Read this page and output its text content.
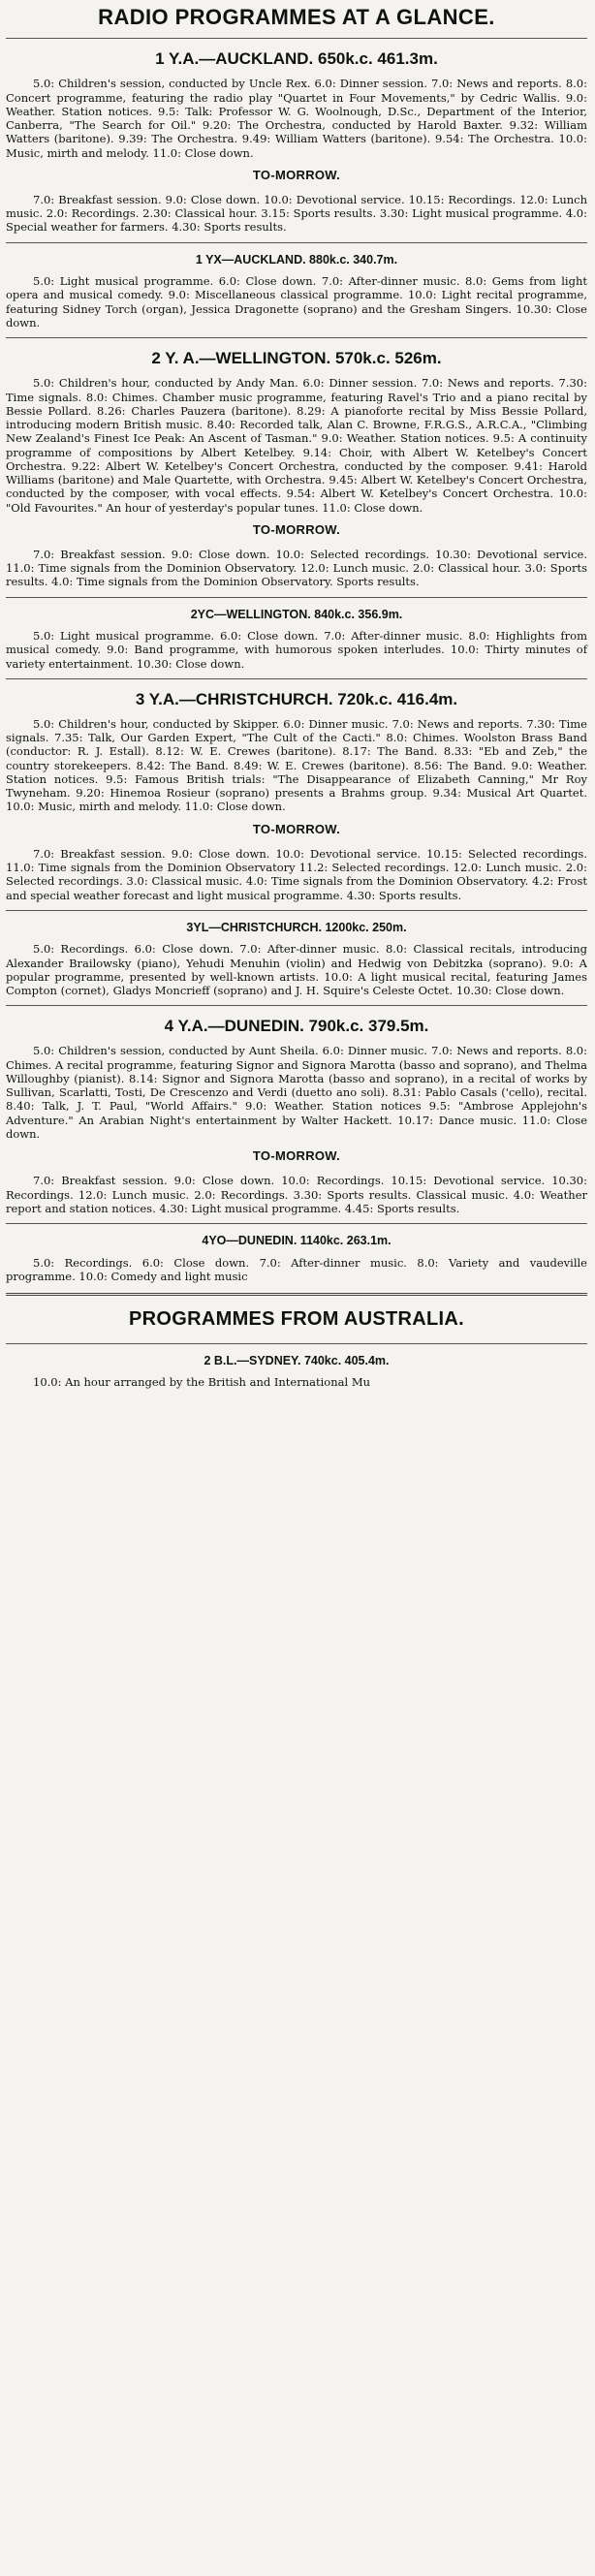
RADIO PROGRAMMES AT A GLANCE.
1 Y.A.—AUCKLAND. 650k.c. 461.3m.

5.0: Children's session, conducted by Uncle Rex. 6.0: Dinner session. 7.0: News and reports. 8.0: Concert programme, featuring the radio play "Quartet in Four Movements," by Cedric Wallis. 9.0: Weather. Station notices. 9.5: Talk: Professor W. G. Woolnough, D.Sc., Department of the Interior, Canberra, "The Search for Oil." 9.20: The Orchestra, conducted by Harold Baxter. 9.32: William Watters (baritone). 9.39: The Orchestra. 9.49: William Watters (baritone). 9.54: The Orchestra. 10.0: Music, mirth and melody. 11.0: Close down.

TO-MORROW.

7.0: Breakfast session. 9.0: Close down. 10.0: Devotional service. 10.15: Recordings. 12.0: Lunch music. 2.0: Recordings. 2.30: Classical hour. 3.15: Sports results. 3.30: Light musical programme. 4.0: Special weather for farmers. 4.30: Sports results.

1 YX—AUCKLAND. 880k.c. 340.7m.

5.0: Light musical programme. 6.0: Close down. 7.0: After-dinner music. 8.0: Gems from light opera and musical comedy. 9.0: Miscellaneous classical programme. 10.0: Light recital programme, featuring Sidney Torch (organ), Jessica Dragonette (soprano) and the Gresham Singers. 10.30: Close down.

2 Y. A.—WELLINGTON. 570k.c. 526m.

5.0: Children's hour, conducted by Andy Man. 6.0: Dinner session. 7.0: News and reports. 7.30: Time signals. 8.0: Chimes. Chamber music programme, featuring Ravel's Trio and a piano recital by Bessie Pollard. 8.26: Charles Pauzera (baritone). 8.29: A pianoforte recital by Miss Bessie Pollard, introducing modern British music. 8.40: Recorded talk, Alan C. Browne, F.R.G.S., A.R.C.A., "Climbing New Zealand's Finest Ice Peak: An Ascent of Tasman." 9.0: Weather. Station notices. 9.5: A continuity programme of compositions by Albert Ketelbey. 9.14: Choir, with Albert W. Ketelbey's Concert Orchestra. 9.22: Albert W. Ketelbey's Concert Orchestra, conducted by the composer. 9.41: Harold Williams (baritone) and Male Quartette, with Orchestra. 9.45: Albert W. Ketelbey's Concert Orchestra, conducted by the composer, with vocal effects. 9.54: Albert W. Ketelbey's Concert Orchestra. 10.0: "Old Favourites." An hour of yesterday's popular tunes. 11.0: Close down.

TO-MORROW.

7.0: Breakfast session. 9.0: Close down. 10.0: Selected recordings. 10.30: Devotional service. 11.0: Time signals from the Dominion Observatory. 12.0: Lunch music. 2.0: Classical hour. 3.0: Sports results. 4.0: Time signals from the Dominion Observatory. Sports results.

2YC—WELLINGTON. 840k.c. 356.9m.

5.0: Light musical programme. 6.0: Close down. 7.0: After-dinner music. 8.0: Highlights from musical comedy. 9.0: Band programme, with humorous spoken interludes. 10.0: Thirty minutes of variety entertainment. 10.30: Close down.

3 Y.A.—CHRISTCHURCH. 720k.c. 416.4m.

5.0: Children's hour, conducted by Skipper. 6.0: Dinner music. 7.0: News and reports. 7.30: Time signals. 7.35: Talk, Our Garden Expert, "The Cult of the Cacti." 8.0: Chimes. Woolston Brass Band (conductor: R. J. Estall). 8.12: W. E. Crewes (baritone). 8.17: The Band. 8.33: "Eb and Zeb," the country storekeepers. 8.42: The Band. 8.49: W. E. Crewes (baritone). 8.56: The Band. 9.0: Weather. Station notices. 9.5: Famous British trials: "The Disappearance of Elizabeth Canning," Mr Roy Twyneham. 9.20: Hinemoa Rosieur (soprano) presents a Brahms group. 9.34: Musical Art Quartet. 10.0: Music, mirth and melody. 11.0: Close down.

TO-MORROW.

7.0: Breakfast session. 9.0: Close down. 10.0: Devotional service. 10.15: Selected recordings. 11.0: Time signals from the Dominion Observatory 11.2: Selected recordings. 12.0: Lunch music. 2.0: Selected recordings. 3.0: Classical music. 4.0: Time signals from the Dominion Observatory. 4.2: Frost and special weather forecast and light musical programme. 4.30: Sports results.

3YL—CHRISTCHURCH. 1200kc. 250m.

5.0: Recordings. 6.0: Close down. 7.0: After-dinner music. 8.0: Classical recitals, introducing Alexander Brailowsky (piano), Yehudi Menuhin (violin) and Hedwig von Debitzka (soprano). 9.0: A popular programme, presented by well-known artists. 10.0: A light musical recital, featuring James Compton (cornet), Gladys Moncrieff (soprano) and J. H. Squire's Celeste Octet. 10.30: Close down.

4 Y.A.—DUNEDIN. 790k.c. 379.5m.

5.0: Children's session, conducted by Aunt Sheila. 6.0: Dinner music. 7.0: News and reports. 8.0: Chimes. A recital programme, featuring Signor and Signora Marotta (basso and soprano), and Thelma Willoughby (pianist). 8.14: Signor and Signora Marotta (basso and soprano), in a recital of works by Sullivan, Scarlatti, Tosti, De Crescenzo and Verdi (duetto ano soli). 8.31: Pablo Casals ('cello), recital. 8.40: Talk, J. T. Paul, "World Affairs." 9.0: Weather. Station notices 9.5: "Ambrose Applejohn's Adventure." An Arabian Night's entertainment by Walter Hackett. 10.17: Dance music. 11.0: Close down.

TO-MORROW.

7.0: Breakfast session. 9.0: Close down. 10.0: Recordings. 10.15: Devotional service. 10.30: Recordings. 12.0: Lunch music. 2.0: Recordings. 3.30: Sports results. Classical music. 4.0: Weather report and station notices. 4.30: Light musical programme. 4.45: Sports results.

4YO—DUNEDIN. 1140kc. 263.1m.

5.0: Recordings. 6.0: Close down. 7.0: After-dinner music. 8.0: Variety and vaudeville programme. 10.0: Comedy and light music

PROGRAMMES FROM AUSTRALIA.
2 B.L.—SYDNEY. 740kc. 405.4m.
10.0: An hour arranged by the British and International Mu
